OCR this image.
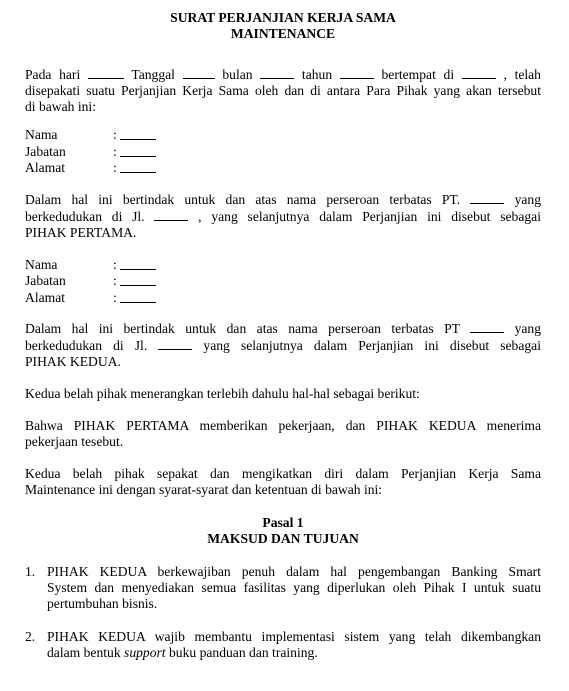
SURAT PERJANJIAN KERJA SAMA

MAINTENANCE

Pada hari	Tanggal	bulan	tahun	bertempat di	, telah

disepakati suatu Perjanjian Kerja Sama oleh dan di antara Para Pihak yang akan tersebut

di bawah ini:

Nama	:
Jabatan	:
Alamat	:

Dalam hal ini bertindak untuk dan atas nama perseroan terbatas PT.	yang

berkedudukan di Jl.	, yang selanjutnya dalam Perjanjian ini disebut sebagai

PIHAK PERTAMA.

Nama	:
Jabatan	:
Alamat	:

Dalam hal ini bertindak untuk dan atas nama perseroan terbatas PT	yang

berkedudukan di Jl.	yang selanjutnya dalam Perjanjian ini disebut sebagai

PIHAK KEDUA.

Kedua belah pihak menerangkan terlebih dahulu hal-hal sebagai berikut:

Bahwa PIHAK PERTAMA memberikan pekerjaan, dan PIHAK KEDUA menerima

pekerjaan tesebut.

Kedua belah pihak sepakat dan mengikatkan diri dalam Perjanjian Kerja Sama

Maintenance ini dengan syarat-syarat dan ketentuan di bawah ini:

Pasal 1

MAKSUD DAN TUJUAN

1. PIHAK KEDUA berkewajiban penuh dalam hal pengembangan Banking Smart

System dan menyediakan semua fasilitas yang diperlukan oleh Pihak I untuk suatu

pertumbuhan bisnis.

2. PIHAK KEDUA wajib membantu implementasi sistem yang telah dikembangkan

dalam bentuk support buku panduan dan training.
